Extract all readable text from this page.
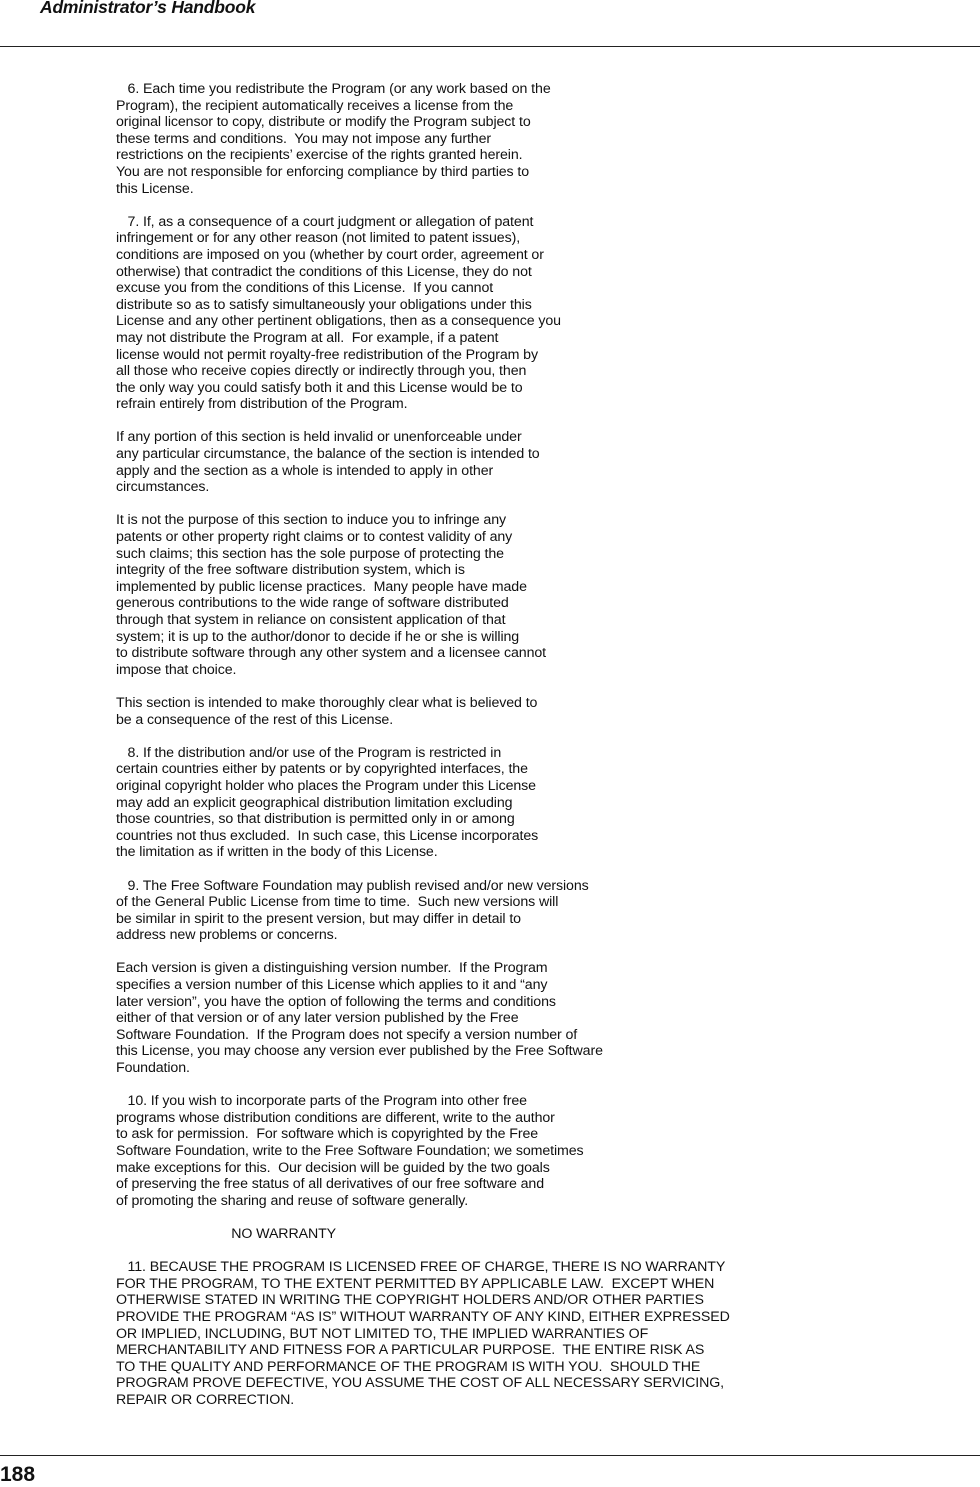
Administrator’s Handbook
6. Each time you redistribute the Program (or any work based on the
Program), the recipient automatically receives a license from the
original licensor to copy, distribute or modify the Program subject to
these terms and conditions.  You may not impose any further
restrictions on the recipients’ exercise of the rights granted herein.
You are not responsible for enforcing compliance by third parties to
this License.
7. If, as a consequence of a court judgment or allegation of patent
infringement or for any other reason (not limited to patent issues),
conditions are imposed on you (whether by court order, agreement or
otherwise) that contradict the conditions of this License, they do not
excuse you from the conditions of this License.  If you cannot
distribute so as to satisfy simultaneously your obligations under this
License and any other pertinent obligations, then as a consequence you
may not distribute the Program at all.  For example, if a patent
license would not permit royalty-free redistribution of the Program by
all those who receive copies directly or indirectly through you, then
the only way you could satisfy both it and this License would be to
refrain entirely from distribution of the Program.
If any portion of this section is held invalid or unenforceable under
any particular circumstance, the balance of the section is intended to
apply and the section as a whole is intended to apply in other
circumstances.
It is not the purpose of this section to induce you to infringe any
patents or other property right claims or to contest validity of any
such claims; this section has the sole purpose of protecting the
integrity of the free software distribution system, which is
implemented by public license practices.  Many people have made
generous contributions to the wide range of software distributed
through that system in reliance on consistent application of that
system; it is up to the author/donor to decide if he or she is willing
to distribute software through any other system and a licensee cannot
impose that choice.
This section is intended to make thoroughly clear what is believed to
be a consequence of the rest of this License.
8. If the distribution and/or use of the Program is restricted in
certain countries either by patents or by copyrighted interfaces, the
original copyright holder who places the Program under this License
may add an explicit geographical distribution limitation excluding
those countries, so that distribution is permitted only in or among
countries not thus excluded.  In such case, this License incorporates
the limitation as if written in the body of this License.
9. The Free Software Foundation may publish revised and/or new versions
of the General Public License from time to time.  Such new versions will
be similar in spirit to the present version, but may differ in detail to
address new problems or concerns.
Each version is given a distinguishing version number.  If the Program
specifies a version number of this License which applies to it and “any
later version”, you have the option of following the terms and conditions
either of that version or of any later version published by the Free
Software Foundation.  If the Program does not specify a version number of
this License, you may choose any version ever published by the Free Software
Foundation.
10. If you wish to incorporate parts of the Program into other free
programs whose distribution conditions are different, write to the author
to ask for permission.  For software which is copyrighted by the Free
Software Foundation, write to the Free Software Foundation; we sometimes
make exceptions for this.  Our decision will be guided by the two goals
of preserving the free status of all derivatives of our free software and
of promoting the sharing and reuse of software generally.
NO WARRANTY
11. BECAUSE THE PROGRAM IS LICENSED FREE OF CHARGE, THERE IS NO WARRANTY
FOR THE PROGRAM, TO THE EXTENT PERMITTED BY APPLICABLE LAW.  EXCEPT WHEN
OTHERWISE STATED IN WRITING THE COPYRIGHT HOLDERS AND/OR OTHER PARTIES
PROVIDE THE PROGRAM “AS IS” WITHOUT WARRANTY OF ANY KIND, EITHER EXPRESSED
OR IMPLIED, INCLUDING, BUT NOT LIMITED TO, THE IMPLIED WARRANTIES OF
MERCHANTABILITY AND FITNESS FOR A PARTICULAR PURPOSE.  THE ENTIRE RISK AS
TO THE QUALITY AND PERFORMANCE OF THE PROGRAM IS WITH YOU.  SHOULD THE
PROGRAM PROVE DEFECTIVE, YOU ASSUME THE COST OF ALL NECESSARY SERVICING,
REPAIR OR CORRECTION.
188
